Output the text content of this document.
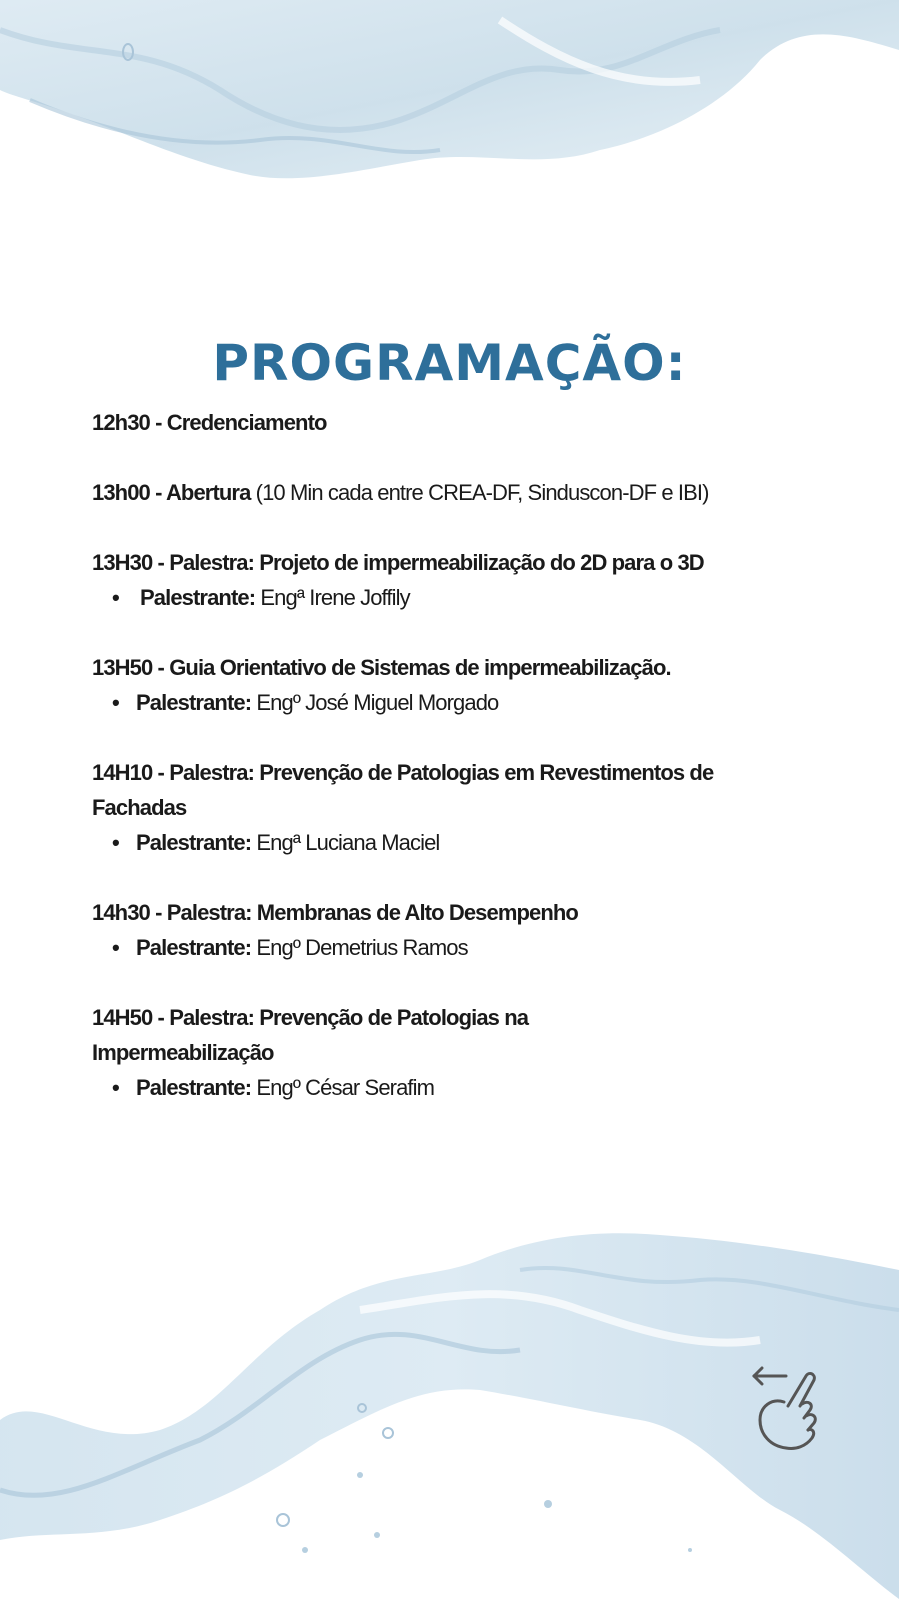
PROGRAMAÇÃO:
12h30 - Credenciamento
13h00 - Abertura (10 Min cada entre CREA-DF, Sinduscon-DF e IBI)
13H30 - Palestra: Projeto de impermeabilização do 2D para o 3D
• Palestrante: Engª Irene Joffily
13H50 - Guia Orientativo de Sistemas de impermeabilização.
• Palestrante: Engº José Miguel Morgado
14H10 - Palestra: Prevenção de Patologias em Revestimentos de Fachadas
• Palestrante: Engª Luciana Maciel
14h30 - Palestra: Membranas de Alto Desempenho
• Palestrante: Engº Demetrius Ramos
14H50 - Palestra: Prevenção de Patologias na Impermeabilização
• Palestrante: Engº César Serafim
